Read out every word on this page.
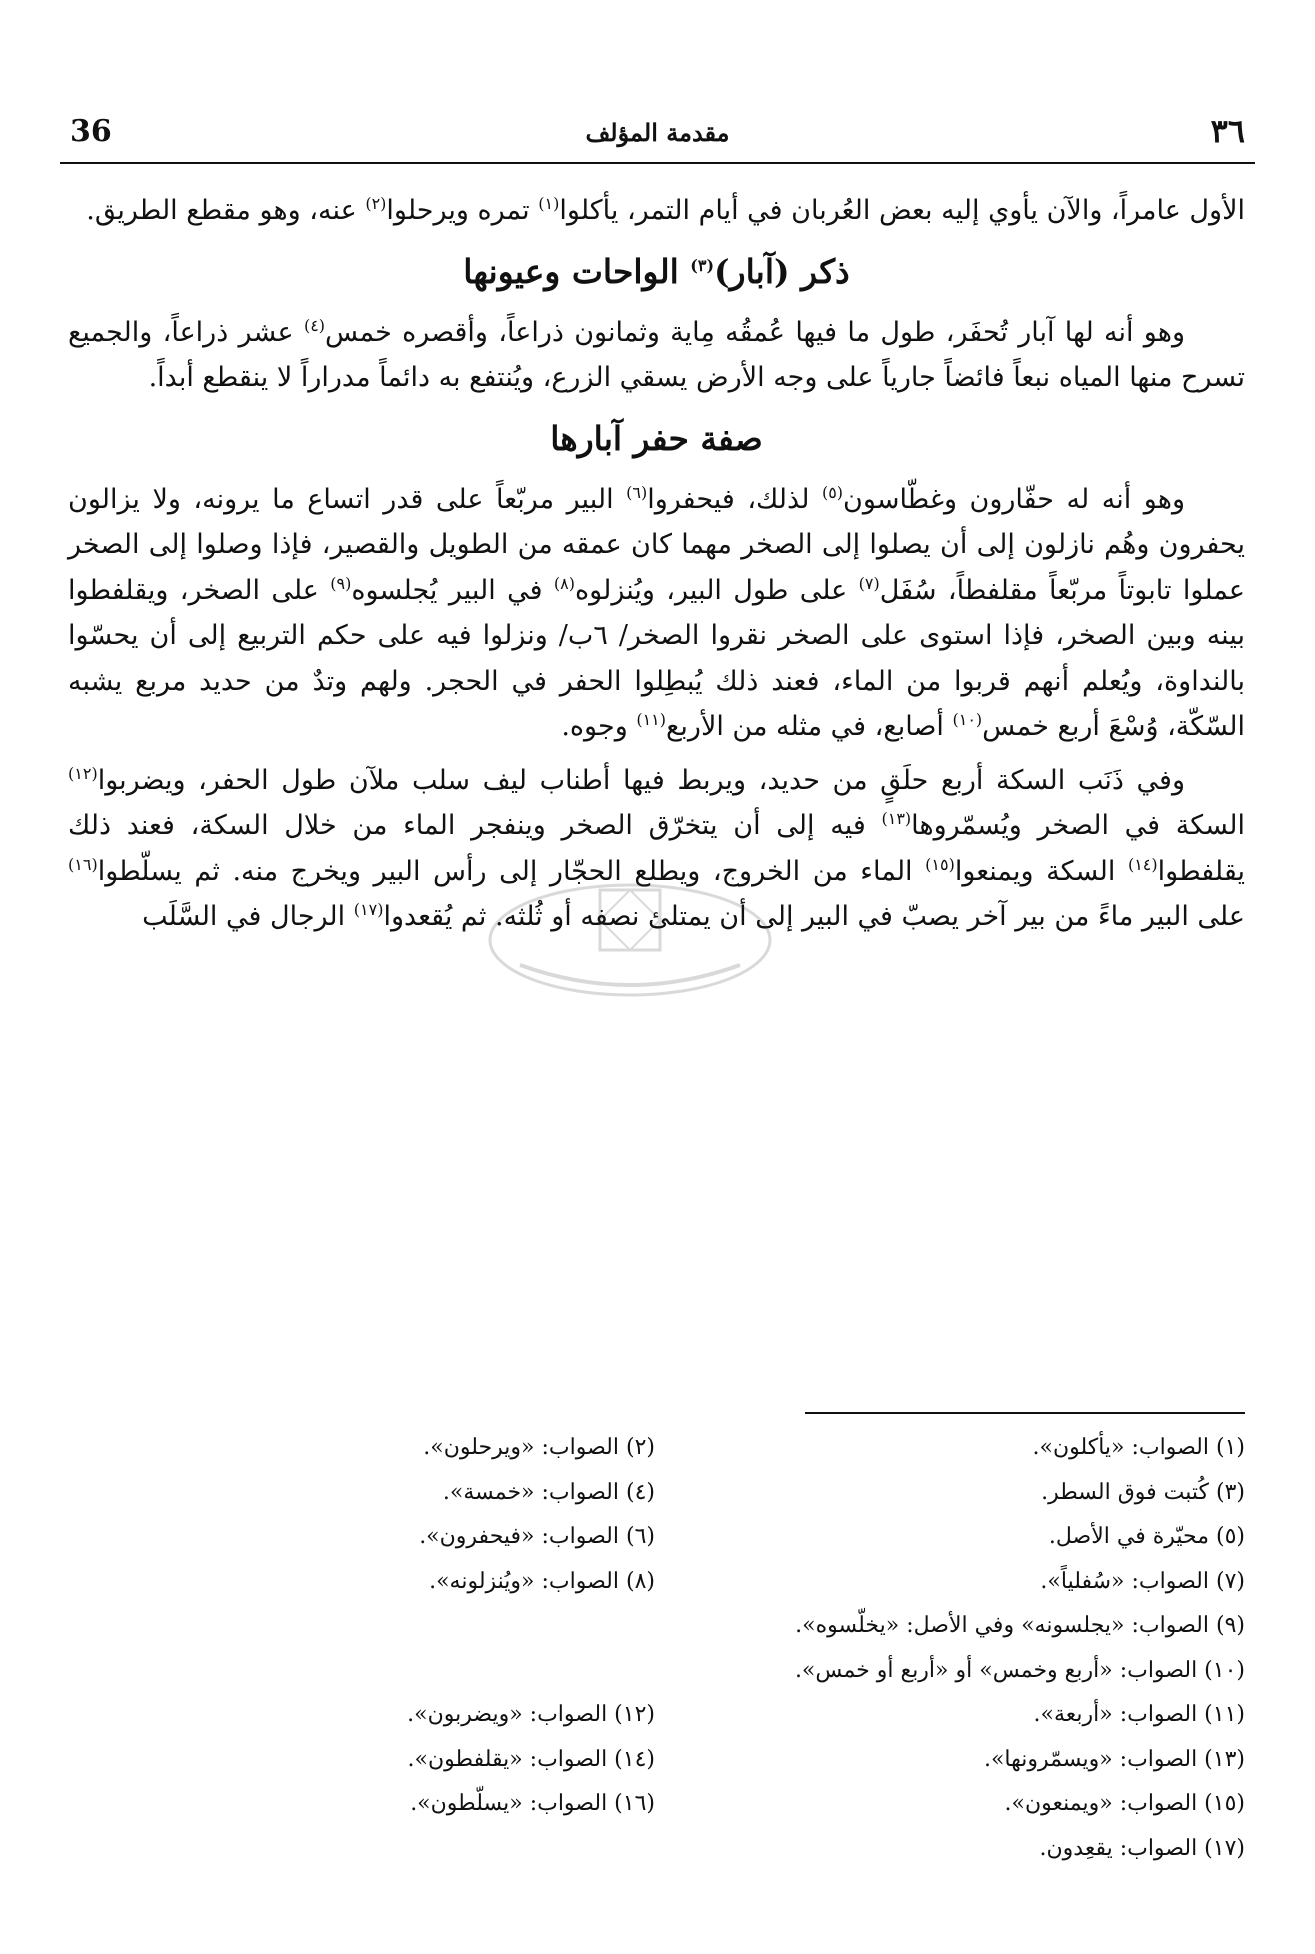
36	مقدمة المؤلف	٣٦

الأول عامراً، والآن يأوي إليه بعض العُربان في أيام التمر، يأكلوا$^{(١)}$ تمره ويرحلوا$^{(٢)}$ عنه، وهو مقطع الطريق.

ذكر (آبار)$^{(٣)}$ الواحات وعيونها

وهو أنه لها آبار تُحفَر، طول ما فيها عُمقُه مِاية وثمانون ذراعاً، وأقصره خمس$^{(٤)}$ عشر ذراعاً، والجميع تسرح منها المياه نبعاً فائضاً جارياً على وجه الأرض يسقي الزرع، ويُنتفع به دائماً مدراراً لا ينقطع أبداً.

صفة حفر آبارها

وهو أنه له حفّارون وغطّاسون$^{(٥)}$ لذلك، فيحفروا$^{(٦)}$ البير مربّعاً على قدر اتساع ما يرونه، ولا يزالون يحفرون وهُم نازلون إلى أن يصلوا إلى الصخر مهما كان عمقه من الطويل والقصير، فإذا وصلوا إلى الصخر عملوا تابوتاً مربّعاً مقلفطاً، سُفَل$^{(٧)}$ على طول البير، ويُنزلوه$^{(٨)}$ في البير يُجلسوه$^{(٩)}$ على الصخر، ويقلفطوا بينه وبين الصخر، فإذا استوى على الصخر نقروا الصخر/ ٦ب/ ونزلوا فيه على حكم التربيع إلى أن يحسّوا بالنداوة، ويُعلم أنهم قربوا من الماء، فعند ذلك يُبطِلوا الحفر في الحجر. ولهم وتدٌ من حديد مربع يشبه السّكّة، وُسْعَ أربع خمس$^{(١٠)}$ أصابع، في مثله من الأربع$^{(١١)}$ وجوه.

وفي ذَنَب السكة أربع حلَقٍ من حديد، ويربط فيها أطناب ليف سلب ملآن طول الحفر، ويضربوا$^{(١٢)}$ السكة في الصخر ويُسمّروها$^{(١٣)}$ فيه إلى أن يتخرّق الصخر وينفجر الماء من خلال السكة، فعند ذلك يقلفطوا$^{(١٤)}$ السكة ويمنعوا$^{(١٥)}$ الماء من الخروج، ويطلع الحجّار إلى رأس البير ويخرج منه. ثم يسلّطوا$^{(١٦)}$ على البير ماءً من بير آخر يصبّ في البير إلى أن يمتلئ نصفه أو ثُلثه. ثم يُقعدوا$^{(١٧)}$ الرجال في السَّلَب

(١) الصواب: «يأكلون».
(٢) الصواب: «ويرحلون».
(٣) كُتبت فوق السطر.
(٤) الصواب: «خمسة».
(٥) محيّرة في الأصل.
(٦) الصواب: «فيحفرون».
(٧) الصواب: «سُفلياً».
(٨) الصواب: «ويُنزلونه».
(٩) الصواب: «يجلسونه» وفي الأصل: «يخلّسوه».
(١٠) الصواب: «أربع وخمس» أو «أربع أو خمس».
(١١) الصواب: «أربعة».
(١٢) الصواب: «ويضربون».
(١٣) الصواب: «ويسمّرونها».
(١٤) الصواب: «يقلفطون».
(١٥) الصواب: «ويمنعون».
(١٦) الصواب: «يسلّطون».
(١٧) الصواب: يقعِدون.
